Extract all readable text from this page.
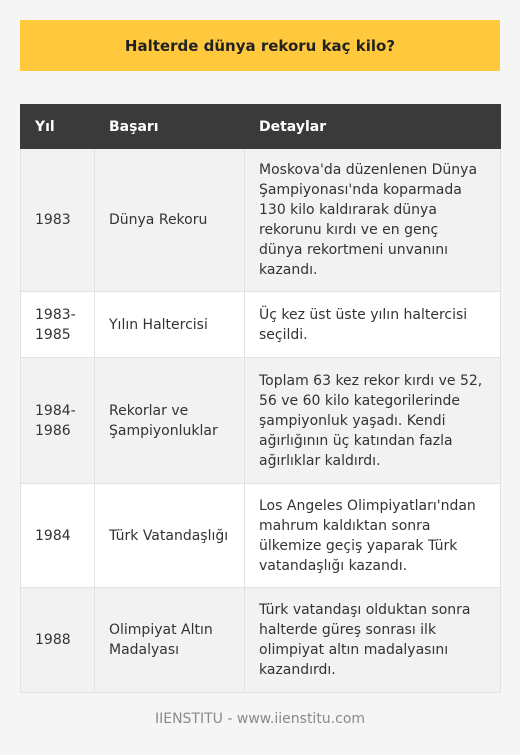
Halterde dünya rekoru kaç kilo?
Yıl	Başarı	Detaylar
1983	Dünya Rekoru	Moskova'da düzenlenen Dünya Şampiyonası'nda koparmada 130 kilo kaldırarak dünya rekorunu kırdı ve en genç dünya rekortmeni unvanını kazandı.
1983-1985	Yılın Haltercisi	Üç kez üst üste yılın haltercisi seçildi.
1984-1986	Rekorlar ve Şampiyonluklar	Toplam 63 kez rekor kırdı ve 52, 56 ve 60 kilo kategorilerinde şampiyonluk yaşadı. Kendi ağırlığının üç katından fazla ağırlıklar kaldırdı.
1984	Türk Vatandaşlığı	Los Angeles Olimpiyatları'ndan mahrum kaldıktan sonra ülkemize geçiş yaparak Türk vatandaşlığı kazandı.
1988	Olimpiyat Altın Madalyası	Türk vatandaşı olduktan sonra halterde güreş sonrası ilk olimpiyat altın madalyasını kazandırdı.
IIENSTITU - www.iienstitu.com
